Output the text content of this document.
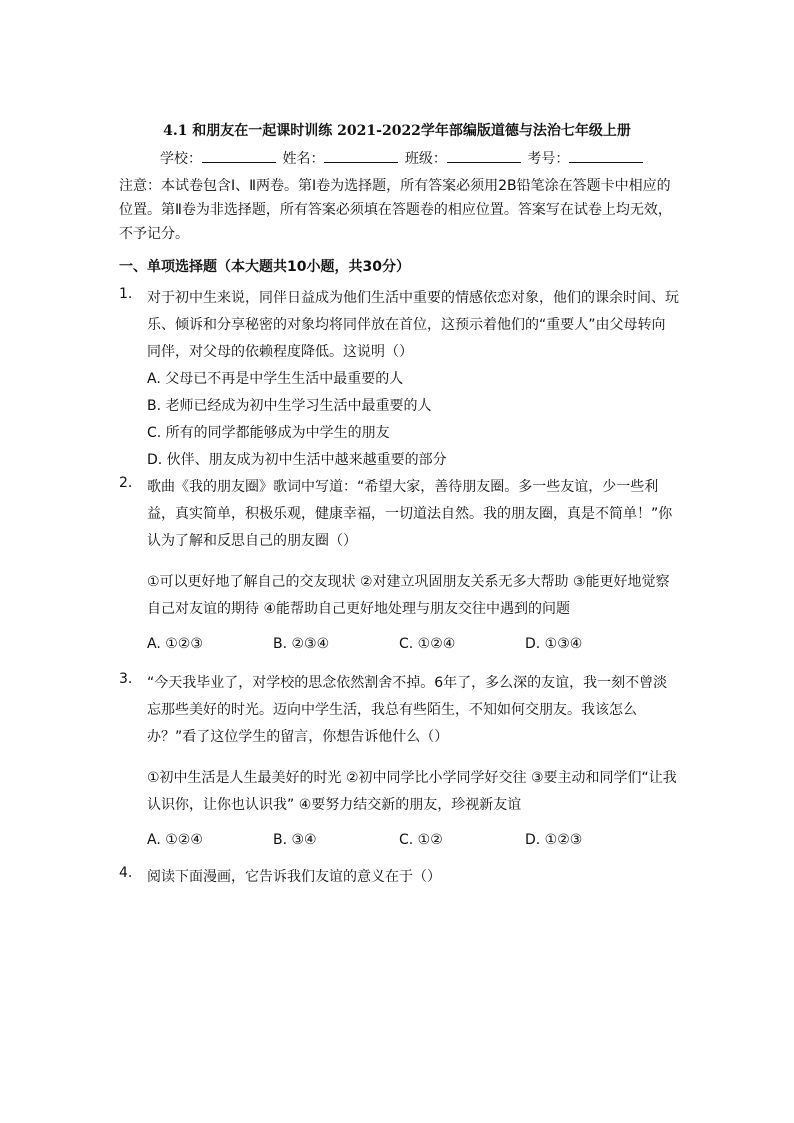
4.1 和朋友在一起课时训练 2021-2022学年部编版道德与法治七年级上册
学校：	姓名：	班级：	考号：
注意：本试卷包含Ⅰ、Ⅱ两卷。第Ⅰ卷为选择题，所有答案必须用2B铅笔涂在答题卡中相应的位置。第Ⅱ卷为非选择题，所有答案必须填在答题卷的相应位置。答案写在试卷上均无效，不予记分。
一、单项选择题（本大题共10小题，共30分）
1.	对于初中生来说，同伴日益成为他们生活中重要的情感依恋对象，他们的课余时间、玩乐、倾诉和分享秘密的对象均将同伴放在首位，这预示着他们的“重要人”由父母转向同伴，对父母的依赖程度降低。这说明（）
A. 父母已不再是中学生生活中最重要的人
B. 老师已经成为初中生学习生活中最重要的人
C. 所有的同学都能够成为中学生的朋友
D. 伙伴、朋友成为初中生活中越来越重要的部分
2.	歌曲《我的朋友圈》歌词中写道：“希望大家，善待朋友圈。多一些友谊，少一些利益，真实简单，积极乐观，健康幸福，一切道法自然。我的朋友圈，真是不简单！”你认为了解和反思自己的朋友圈（）
①可以更好地了解自己的交友现状 ②对建立巩固朋友关系无多大帮助 ③能更好地觉察自己对友谊的期待 ④能帮助自己更好地处理与朋友交往中遇到的问题
A. ①②③	B. ②③④	C. ①②④	D. ①③④
3.	“今天我毕业了，对学校的思念依然割舍不掉。6年了，多么深的友谊，我一刻不曾淡忘那些美好的时光。迈向中学生活，我总有些陌生，不知如何交朋友。我该怎么办？”看了这位学生的留言，你想告诉他什么（）
①初中生活是人生最美好的时光 ②初中同学比小学同学好交往 ③要主动和同学们“让我认识你，让你也认识我” ④要努力结交新的朋友，珍视新友谊
A. ①②④	B. ③④	C. ①②	D. ①②③
4.	阅读下面漫画，它告诉我们友谊的意义在于（）
